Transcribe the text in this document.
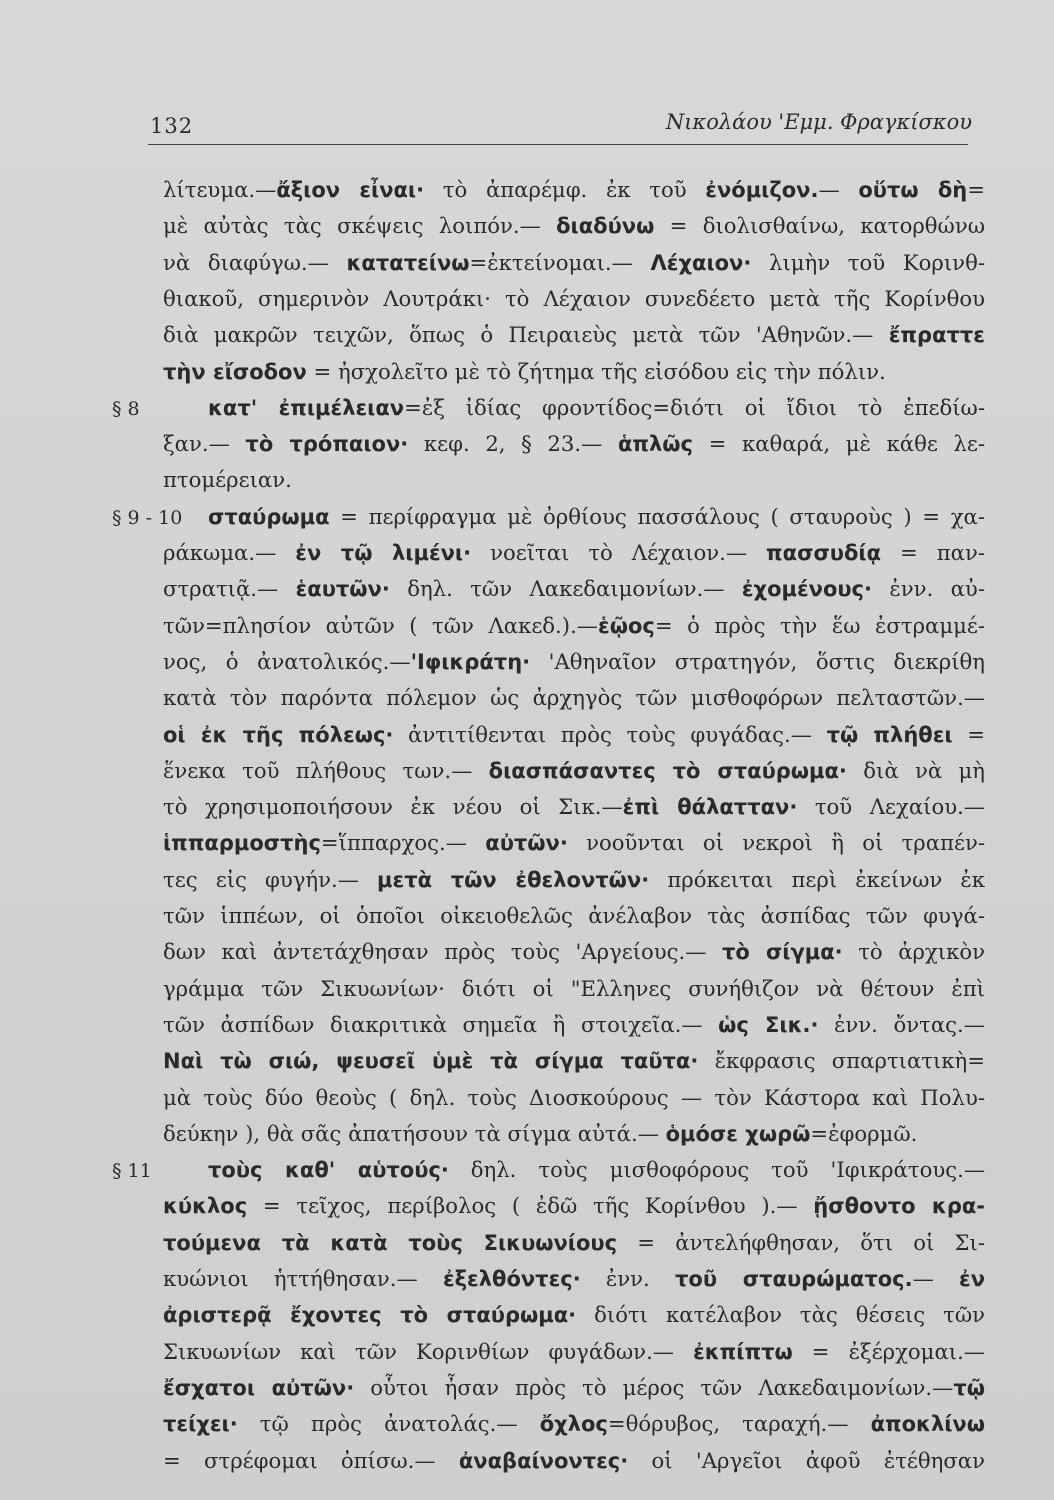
132	Νικολάου 'Εμμ. Φραγκίσκου
λίτευμα.—ἄξιον εἶναι· τὸ ἀπαρέμφ. ἐκ τοῦ ἐνόμιζον.— οὕτω δὴ=
μὲ αὐτὰς τὰς σκέψεις λοιπόν.— διαδύνω = διολισθαίνω, κατορθώνω
νὰ διαφύγω.— κατατείνω=ἐκτείνομαι.— Λέχαιον· λιμὴν τοῦ Κορινθ-
θιακοῦ, σημερινὸν Λουτράκι· τὸ Λέχαιον συνεδέετο μετὰ τῆς Κορίνθου
διὰ μακρῶν τειχῶν, ὅπως ὁ Πειραιεὺς μετὰ τῶν 'Αθηνῶν.— ἔπραττε
τὴν εἴσοδον = ἠσχολεῖτο μὲ τὸ ζήτημα τῆς εἰσόδου εἰς τὴν πόλιν.
§ 8	κατ' ἐπιμέλειαν=ἐξ ἰδίας φροντίδος=διότι οἱ ἴδιοι τὸ ἐπεδίω-
ξαν.— τὸ τρόπαιον· κεφ. 2, § 23.— ἁπλῶς = καθαρά, μὲ κάθε λε-
πτομέρειαν.
§ 9 - 10 σταύρωμα = περίφραγμα μὲ ὀρθίους πασσάλους ( σταυροὺς ) = χα-
ράκωμα.— ἐν τῷ λιμένι· νοεῖται τὸ Λέχαιον.— πασσυδίᾳ = παν-
στρατιᾷ.— ἑαυτῶν· δηλ. τῶν Λακεδαιμονίων.— ἐχομένους· ἐνν. αὐ-
τῶν=πλησίον αὐτῶν ( τῶν Λακεδ.).—ἑῷος= ὁ πρὸς τὴν ἕω ἐστραμμέ-
νος, ὁ ἀνατολικός.—'Ιφικράτη· 'Αθηναῖον στρατηγόν, ὅστις διεκρίθη
κατὰ τὸν παρόντα πόλεμον ὡς ἀρχηγὸς τῶν μισθοφόρων πελταστῶν.—
οἱ ἐκ τῆς πόλεως· ἀντιτίθενται πρὸς τοὺς φυγάδας.— τῷ πλήθει =
ἕνεκα τοῦ πλήθους των.— διασπάσαντες τὸ σταύρωμα· διὰ νὰ μὴ
τὸ χρησιμοποιήσουν ἐκ νέου οἱ Σικ.—ἐπὶ θάλατταν· τοῦ Λεχαίου.—
ἱππαρμοστὴς=ἵππαρχος.— αὐτῶν· νοοῦνται οἱ νεκροὶ ἢ οἱ τραπέν-
τες εἰς φυγήν.— μετὰ τῶν ἐθελοντῶν· πρόκειται περὶ ἐκείνων ἐκ
τῶν ἱππέων, οἱ ὁποῖοι οἰκειοθελῶς ἀνέλαβον τὰς ἀσπίδας τῶν φυγά-
δων καὶ ἀντετάχθησαν πρὸς τοὺς 'Αργείους.— τὸ σίγμα· τὸ ἀρχικὸν
γράμμα τῶν Σικυωνίων· διότι οἱ "Ελληνες συνήθιζον νὰ θέτουν ἐπὶ
τῶν ἀσπίδων διακριτικὰ σημεῖα ἢ στοιχεῖα.— ὡς Σικ.· ἐνν. ὄντας.—
Ναὶ τὼ σιώ, ψευσεῖ ὑμὲ τὰ σίγμα ταῦτα· ἔκφρασις σπαρτιατικὴ=
μὰ τοὺς δύο θεοὺς ( δηλ. τοὺς Διοσκούρους — τὸν Κάστορα καὶ Πολυ-
δεύκην ), θὰ σᾶς ἀπατήσουν τὰ σίγμα αὐτά.— ὁμόσε χωρῶ=ἐφορμῶ.
§ 11	τοὺς καθ' αὑτούς· δηλ. τοὺς μισθοφόρους τοῦ 'Ιφικράτους.—
κύκλος = τεῖχος, περίβολος ( ἐδῶ τῆς Κορίνθου ).— ᾔσθοντο κρα-
τούμενα τὰ κατὰ τοὺς Σικυωνίους = ἀντελήφθησαν, ὅτι οἱ Σι-
κυώνιοι ἡττήθησαν.— ἐξελθόντες· ἐνν. τοῦ σταυρώματος.— ἐν
ἀριστερᾷ ἔχοντες τὸ σταύρωμα· διότι κατέλαβον τὰς θέσεις τῶν
Σικυωνίων καὶ τῶν Κορινθίων φυγάδων.— ἐκπίπτω = ἐξέρχομαι.—
ἔσχατοι αὐτῶν· οὗτοι ἦσαν πρὸς τὸ μέρος τῶν Λακεδαιμονίων.—τῷ
τείχει· τῷ πρὸς ἀνατολάς.— ὄχλος=θόρυβος, ταραχή.— ἀποκλίνω
= στρέφομαι ὀπίσω.— ἀναβαίνοντες· οἱ 'Αργεῖοι ἀφοῦ ἐτέθησαν
